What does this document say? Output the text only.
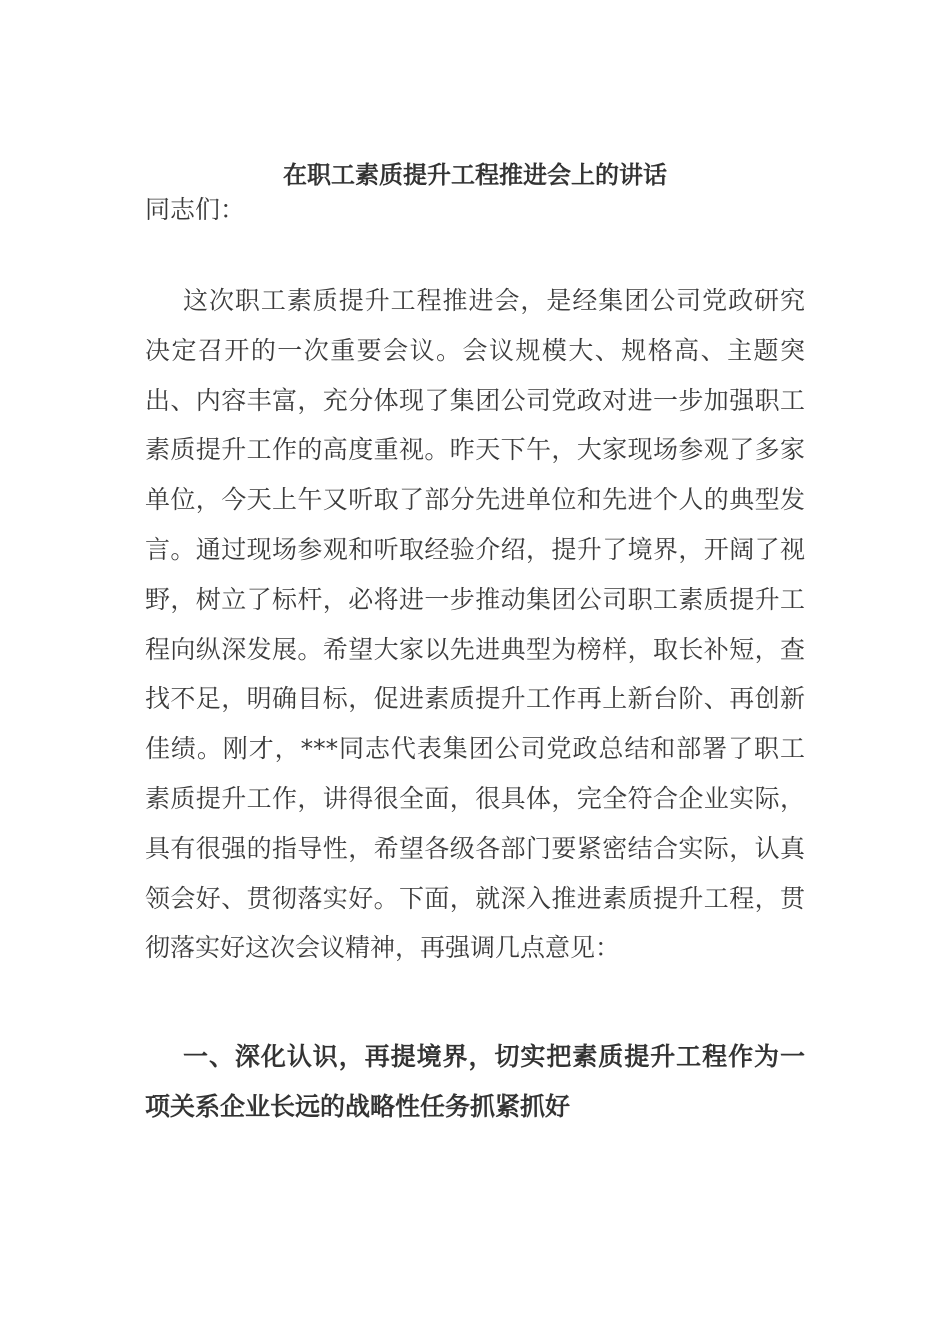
在职工素质提升工程推进会上的讲话
同志们：

这次职工素质提升工程推进会，是经集团公司党政研究决定召开的一次重要会议。会议规模大、规格高、主题突出、内容丰富，充分体现了集团公司党政对进一步加强职工素质提升工作的高度重视。昨天下午，大家现场参观了多家单位，今天上午又听取了部分先进单位和先进个人的典型发言。通过现场参观和听取经验介绍，提升了境界，开阔了视野，树立了标杆，必将进一步推动集团公司职工素质提升工程向纵深发展。希望大家以先进典型为榜样，取长补短，查找不足，明确目标，促进素质提升工作再上新台阶、再创新佳绩。刚才，***同志代表集团公司党政总结和部署了职工素质提升工作，讲得很全面，很具体，完全符合企业实际，具有很强的指导性，希望各级各部门要紧密结合实际，认真领会好、贯彻落实好。下面，就深入推进素质提升工程，贯彻落实好这次会议精神，再强调几点意见：

一、深化认识，再提境界，切实把素质提升工程作为一项关系企业长远的战略性任务抓紧抓好
